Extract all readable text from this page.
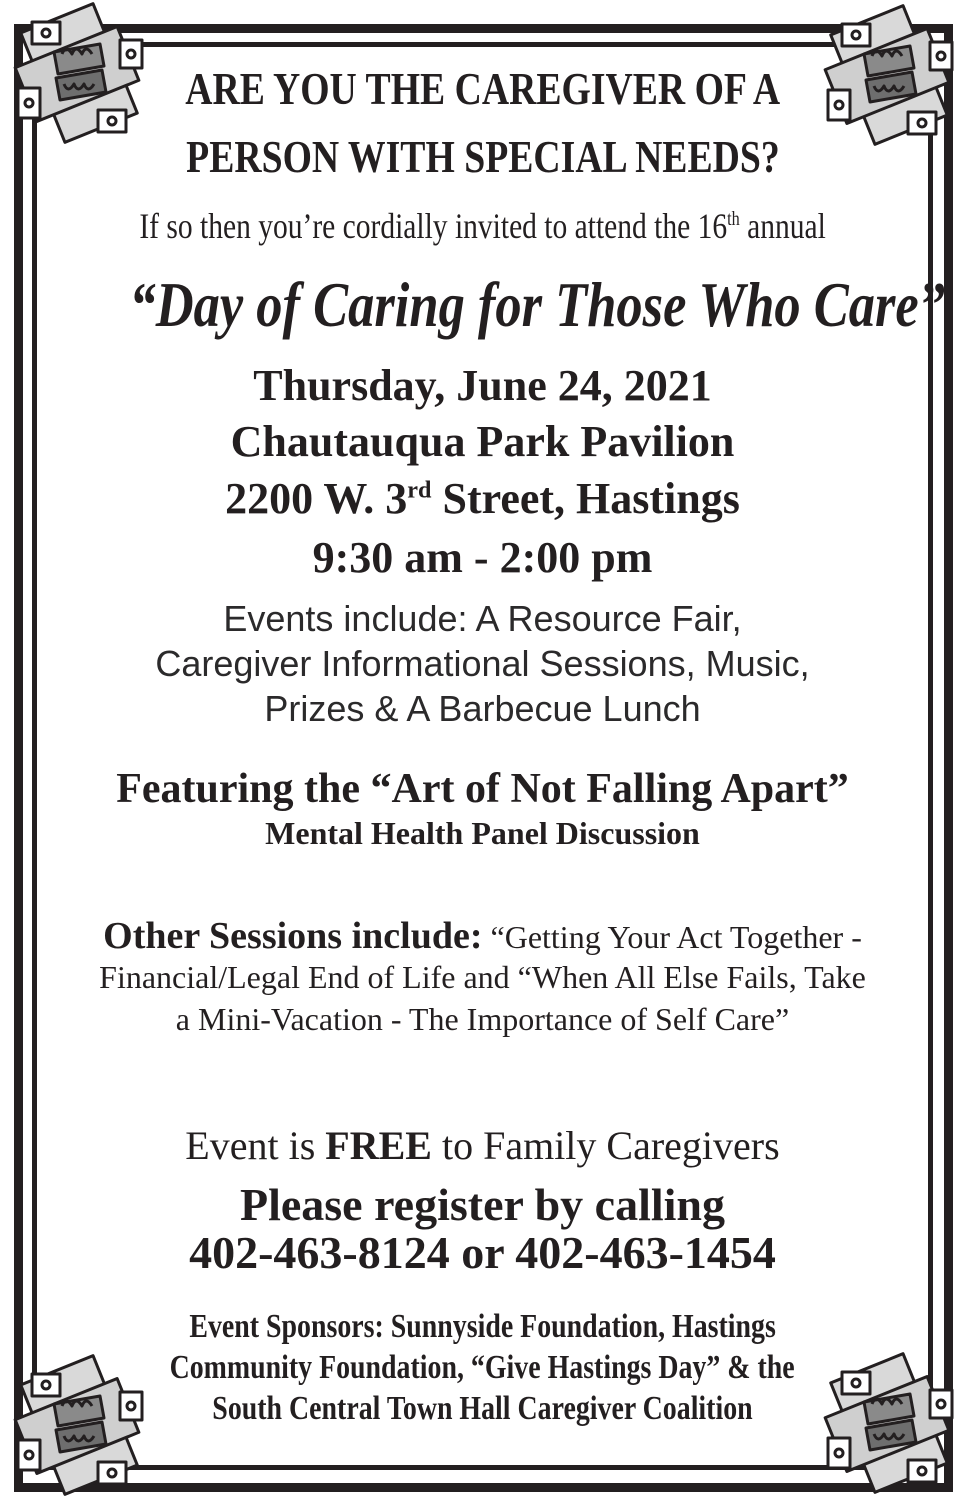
ARE YOU THE CAREGIVER OF A
PERSON WITH SPECIAL NEEDS?
If so then you’re cordially invited to attend the 16th annual
“Day of Caring for Those Who Care”
Thursday, June 24, 2021
Chautauqua Park Pavilion
2200 W. 3rd Street, Hastings
9:30 am - 2:00 pm
Events include: A Resource Fair,
Caregiver Informational Sessions, Music,
Prizes & A Barbecue Lunch
Featuring the “Art of Not Falling Apart”
Mental Health Panel Discussion
Other Sessions include: “Getting Your Act Together -
Financial/Legal End of Life and “When All Else Fails, Take
a Mini-Vacation - The Importance of Self Care”
Event is FREE to Family Caregivers
Please register by calling
402-463-8124 or 402-463-1454
Event Sponsors: Sunnyside Foundation, Hastings
Community Foundation, “Give Hastings Day” & the
South Central Town Hall Caregiver Coalition
